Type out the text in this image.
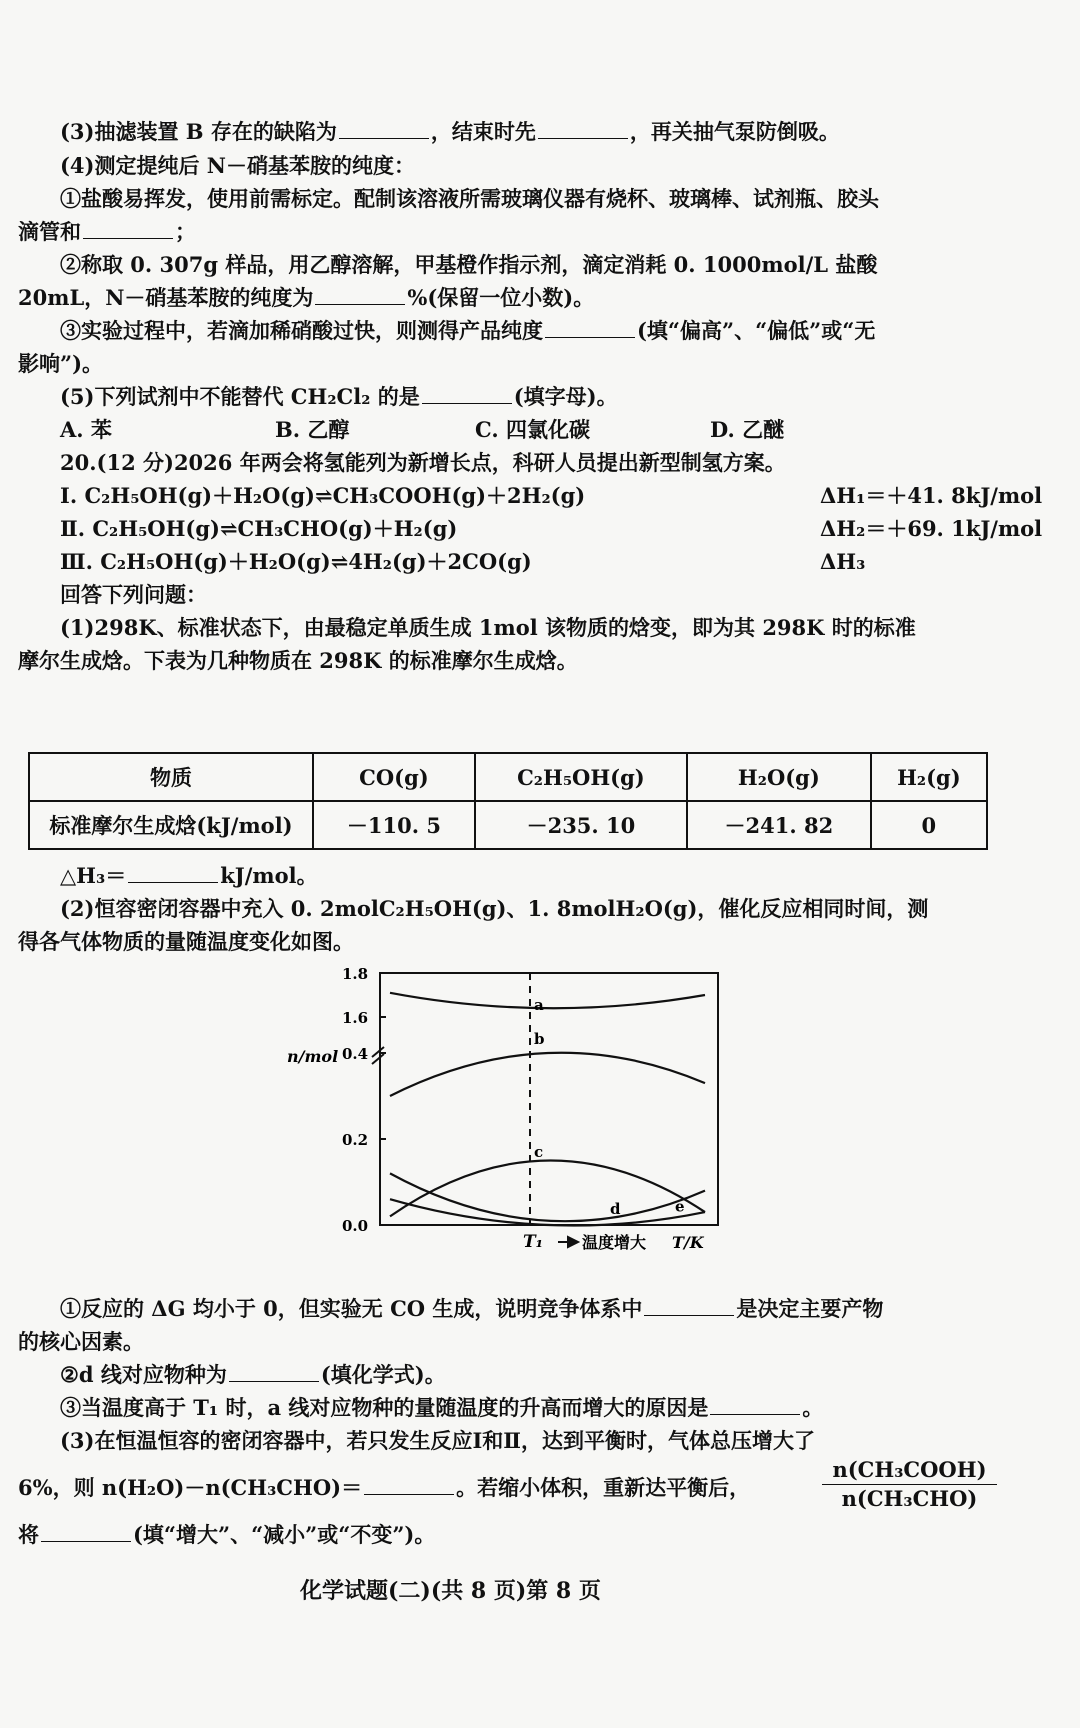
(3)抽滤装置 B 存在的缺陷为	，结束时先	，再关抽气泵防倒吸。
(4)测定提纯后 N－硝基苯胺的纯度：
①盐酸易挥发，使用前需标定。配制该溶液所需玻璃仪器有烧杯、玻璃棒、试剂瓶、胶头
滴管和	；
②称取 0. 307g 样品，用乙醇溶解，甲基橙作指示剂，滴定消耗 0. 1000mol/L 盐酸
20mL，N－硝基苯胺的纯度为	%(保留一位小数)。
③实验过程中，若滴加稀硝酸过快，则测得产品纯度	(填“偏高”、“偏低”或“无
影响”)。
(5)下列试剂中不能替代 CH₂Cl₂ 的是	(填字母)。
A. 苯	B. 乙醇	C. 四氯化碳	D. 乙醚
20.(12 分)2026 年两会将氢能列为新增长点，科研人员提出新型制氢方案。
Ⅰ. C₂H₅OH(g)＋H₂O(g)⇌CH₃COOH(g)＋2H₂(g)	ΔH₁＝＋41. 8kJ/mol
Ⅱ. C₂H₅OH(g)⇌CH₃CHO(g)＋H₂(g)	ΔH₂＝＋69. 1kJ/mol
Ⅲ. C₂H₅OH(g)＋H₂O(g)⇌4H₂(g)＋2CO(g)	ΔH₃
回答下列问题：
(1)298K、标准状态下，由最稳定单质生成 1mol 该物质的焓变，即为其 298K 时的标准
摩尔生成焓。下表为几种物质在 298K 的标准摩尔生成焓。
物质	CO(g)	C₂H₅OH(g)	H₂O(g)	H₂(g)
标准摩尔生成焓(kJ/mol)	－110. 5	－235. 10	－241. 82	0
△H₃＝	kJ/mol。
(2)恒容密闭容器中充入 0. 2molC₂H₅OH(g)、1. 8molH₂O(g)，催化反应相同时间，测
得各气体物质的量随温度变化如图。
0.0
0.2
0.4
1.6
1.8
a
b
c
d	e
n/mol
T₁ 温度增大 T/K
①反应的 ΔG 均小于 0，但实验无 CO 生成，说明竞争体系中	是决定主要产物
的核心因素。
②d 线对应物种为	(填化学式)。
③当温度高于 T₁ 时，a 线对应物种的量随温度的升高而增大的原因是	。
(3)在恒温恒容的密闭容器中，若只发生反应Ⅰ和Ⅱ，达到平衡时，气体总压增大了
6%，则 n(H₂O)－n(CH₃CHO)＝	。若缩小体积，重新达平衡后，
n(CH₃COOH)
n(CH₃CHO)
将	(填“增大”、“减小”或“不变”)。
化学试题(二)(共 8 页)第 8 页
